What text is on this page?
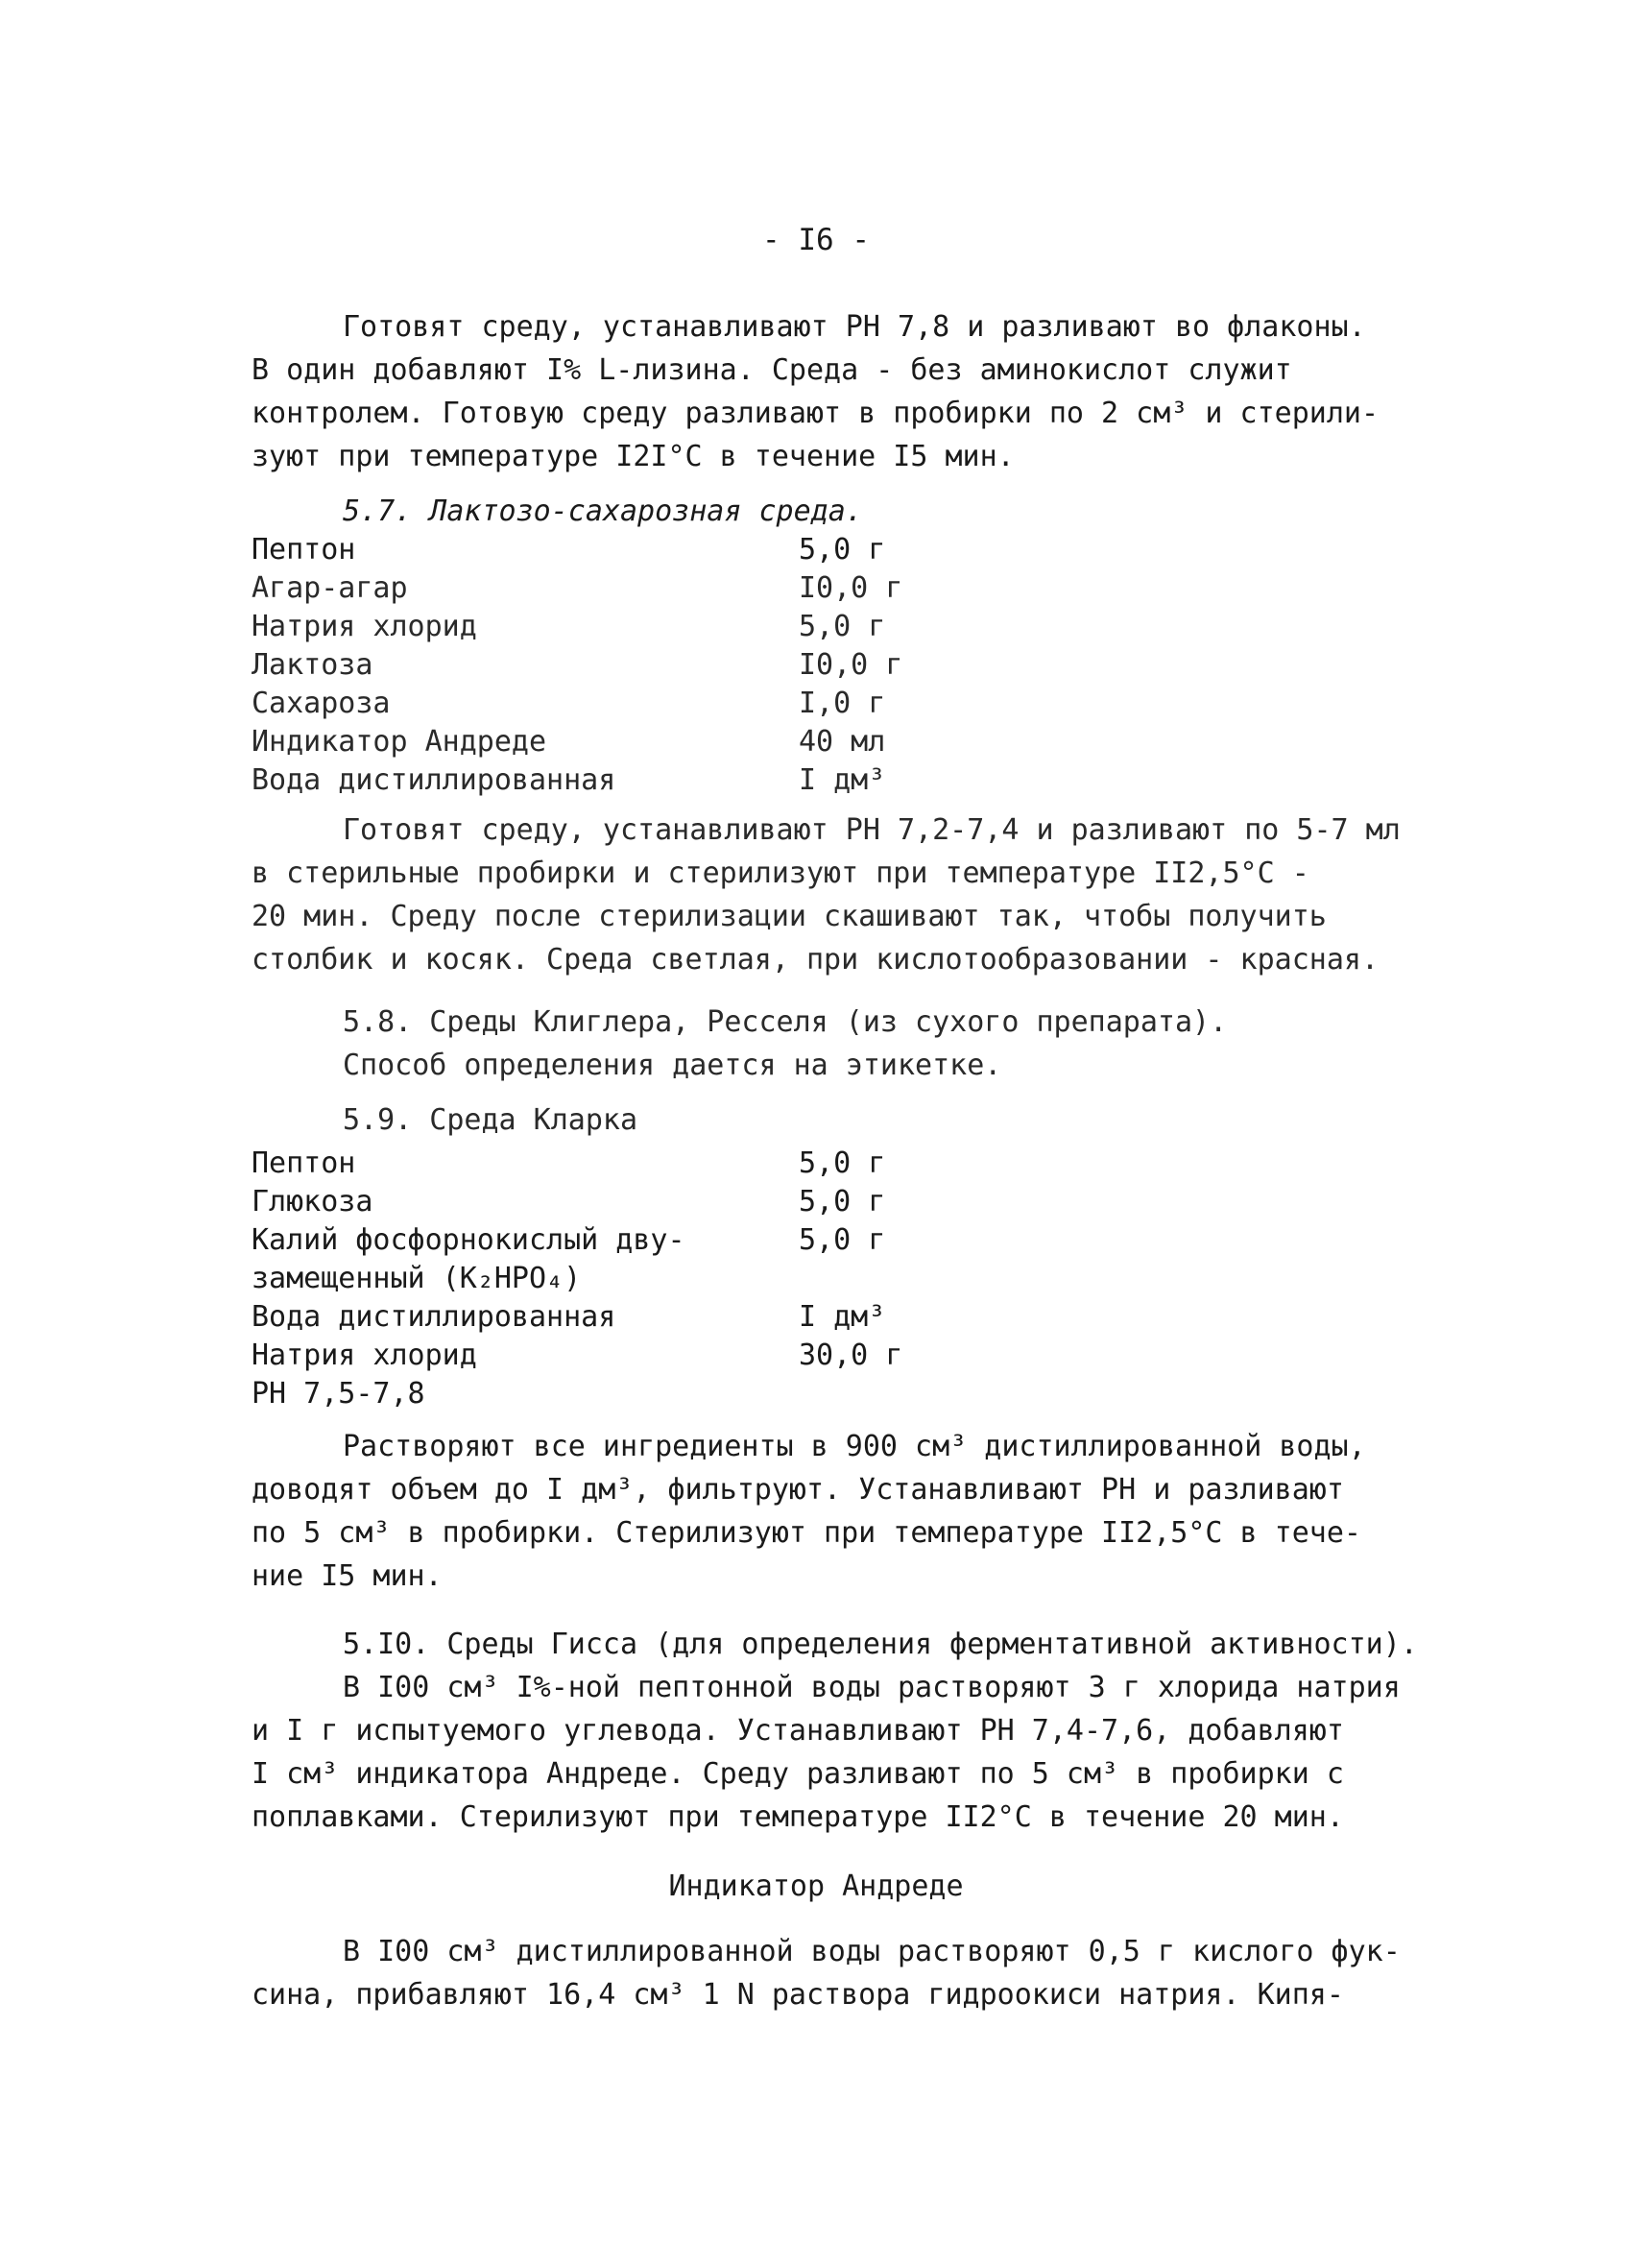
- I6 -

Готовят среду, устанавливают РН 7,8 и разливают во флаконы.

В один добавляют I% L-лизина. Среда - без аминокислот служит

контролем. Готовую среду разливают в пробирки по 2 см³ и стерили-

зуют при температуре I2I°С в течение I5 мин.

5.7. Лактозо-сахарозная среда.

Пептон	5,0 г
Агар-агар	I0,0 г
Натрия хлорид	5,0 г
Лактоза	I0,0 г
Сахароза	I,0 г
Индикатор Андреде	40 мл
Вода дистиллированная	I дм³

Готовят среду, устанавливают РН 7,2-7,4 и разливают по 5-7 мл

в стерильные пробирки и стерилизуют при температуре II2,5°С -

20 мин. Среду после стерилизации скашивают так, чтобы получить

столбик и косяк. Среда светлая, при кислотообразовании - красная.

5.8. Среды Клиглера, Ресселя (из сухого препарата).

Способ определения дается на этикетке.

5.9. Среда Кларка

Пептон	5,0 г
Глюкоза	5,0 г
Калий фосфорнокислый дву-	5,0 г
замещенный (K₂HPO₄)
Вода дистиллированная	I дм³
Натрия хлорид	30,0 г
РН 7,5-7,8

Растворяют все ингредиенты в 900 см³ дистиллированной воды,

доводят объем до I дм³, фильтруют. Устанавливают РН и разливают

по 5 см³ в пробирки. Стерилизуют при температуре II2,5°С в тече-

ние I5 мин.

5.I0. Среды Гисса (для определения ферментативной активности).

В I00 см³ I%-ной пептонной воды растворяют 3 г хлорида натрия

и I г испытуемого углевода. Устанавливают РН 7,4-7,6, добавляют

I см³ индикатора Андреде. Среду разливают по 5 см³ в пробирки с

поплавками. Стерилизуют при температуре II2°С в течение 20 мин.

Индикатор Андреде

В I00 см³ дистиллированной воды растворяют 0,5 г кислого фук-

сина, прибавляют 16,4 см³ 1 N раствора гидроокиси натрия. Кипя-
